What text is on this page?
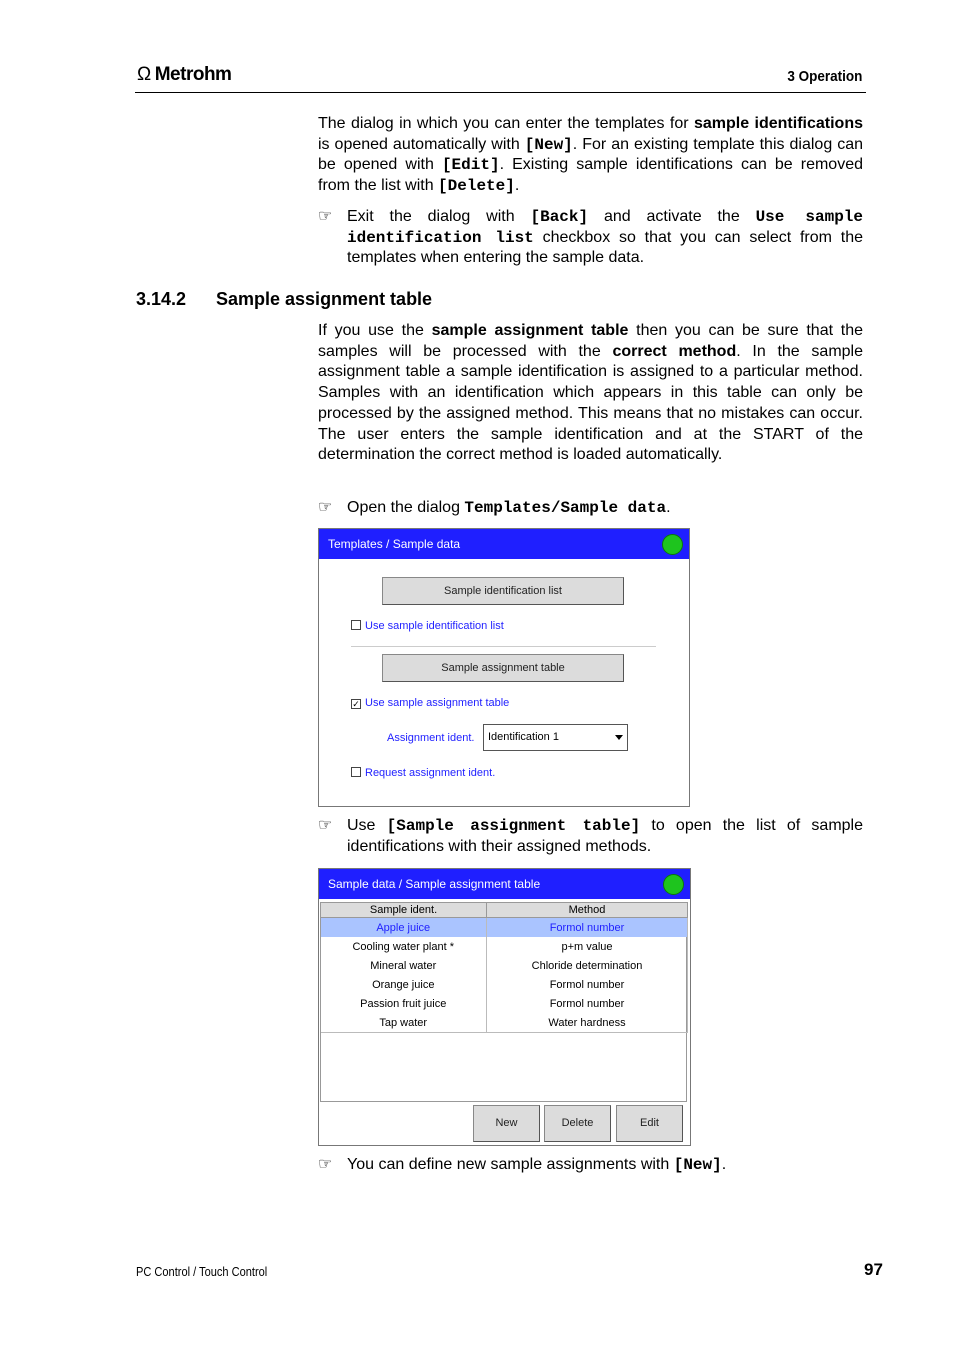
Ω Metrohm	3 Operation
The dialog in which you can enter the templates for sample identifications is opened automatically with [New]. For an existing template this dialog can be opened with [Edit]. Existing sample identifications can be removed from the list with [Delete].
☞ Exit the dialog with [Back] and activate the Use sample identification list checkbox so that you can select from the templates when entering the sample data.
3.14.2 Sample assignment table
If you use the sample assignment table then you can be sure that the samples will be processed with the correct method. In the sample assignment table a sample identification is assigned to a particular method. Samples with an identification which appears in this table can only be processed by the assigned method. This means that no mistakes can occur. The user enters the sample identification and at the START of the determination the correct method is loaded automatically.
☞ Open the dialog Templates/Sample data.
Templates / Sample data
Sample identification list
Use sample identification list
Sample assignment table
✓ Use sample assignment table
Assignment ident.	Identification 1
Request assignment ident.
☞ Use [Sample assignment table] to open the list of sample identifications with their assigned methods.
Sample data / Sample assignment table
Sample ident.	Method
Apple juice	Formol number
Cooling water plant *	p+m value
Mineral water	Chloride determination
Orange juice	Formol number
Passion fruit juice	Formol number
Tap water	Water hardness
New	Delete	Edit
☞ You can define new sample assignments with [New].
PC Control / Touch Control	97
